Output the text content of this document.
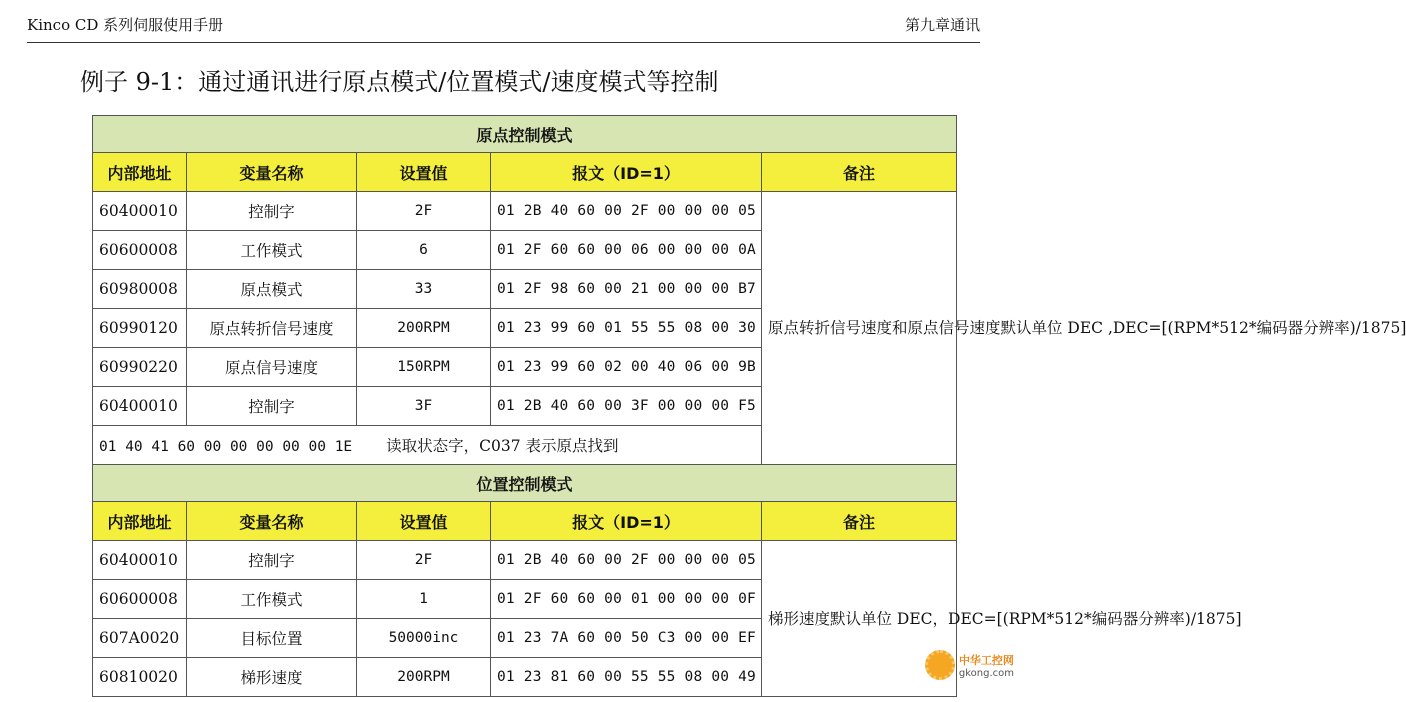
Kinco CD 系列伺服使用手册	第九章通讯
例子 9-1：通过通讯进行原点模式/位置模式/速度模式等控制
原点控制模式				
内部地址	变量名称	设置值	报文（ID=1）	备注
60400010	控制字	2F	01 2B 40 60 00 2F 00 00 00 05	原点转折信号速度和原点信号速度默认单位 DEC ,DEC=[(RPM*512*编码器分辨率)/1875]
60600008	工作模式	6	01 2F 60 60 00 06 00 00 00 0A	
60980008	原点模式	33	01 2F 98 60 00 21 00 00 00 B7	
60990120	原点转折信号速度	200RPM	01 23 99 60 01 55 55 08 00 30	
60990220	原点信号速度	150RPM	01 23 99 60 02 00 40 06 00 9B	
60400010	控制字	3F	01 2B 40 60 00 3F 00 00 00 F5	
01 40 41 60 00 00 00 00 00 1E 读取状态字，C037 表示原点找到				
位置控制模式				
内部地址	变量名称	设置值	报文（ID=1）	备注
60400010	控制字	2F	01 2B 40 60 00 2F 00 00 00 05	梯形速度默认单位 DEC，DEC=[(RPM*512*编码器分辨率)/1875]
60600008	工作模式	1	01 2F 60 60 00 01 00 00 00 0F	
607A0020	目标位置	50000inc	01 23 7A 60 00 50 C3 00 00 EF	
60810020	梯形速度	200RPM	01 23 81 60 00 55 55 08 00 49	
中华工控网
gkong.com
